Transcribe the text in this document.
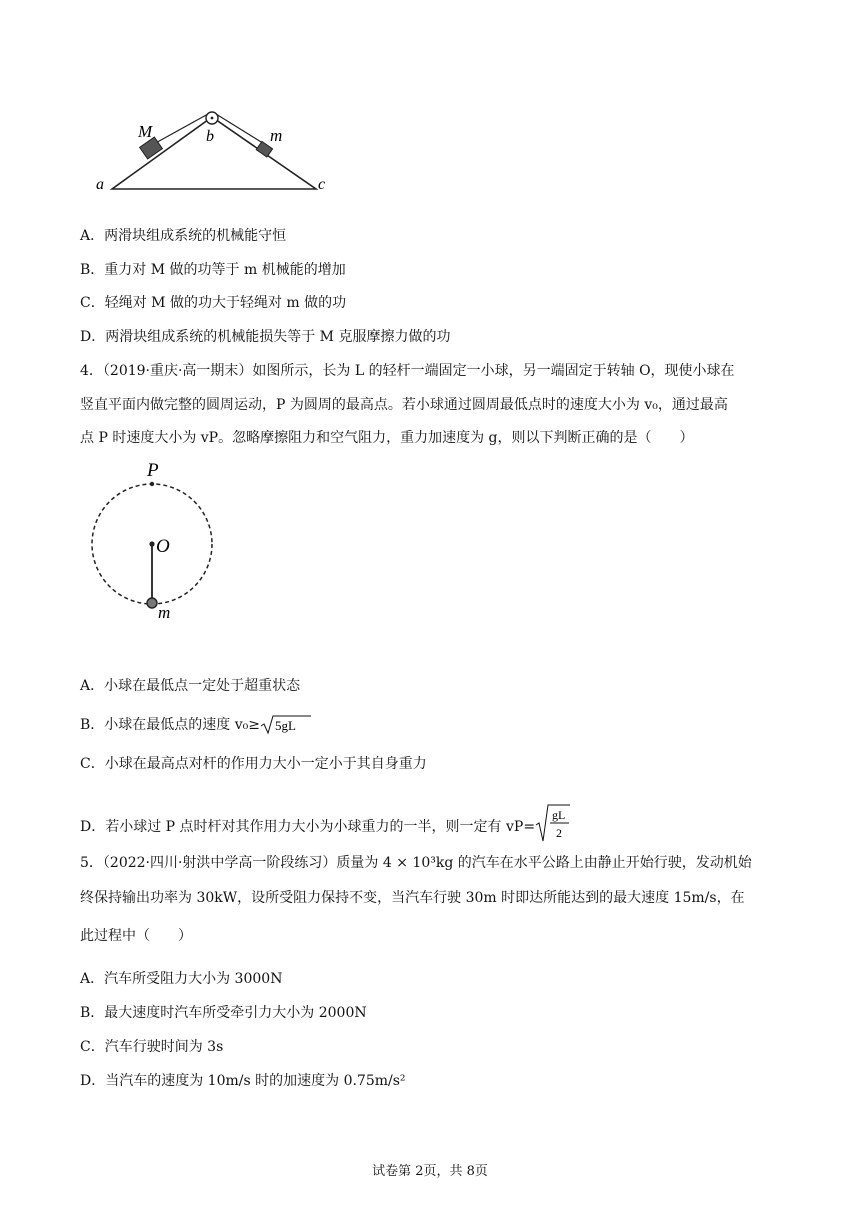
M	m
b
a	c
A．两滑块组成系统的机械能守恒
B．重力对 M 做的功等于 m 机械能的增加
C．轻绳对 M 做的功大于轻绳对 m 做的功
D．两滑块组成系统的机械能损失等于 M 克服摩擦力做的功
4．（2019·重庆·高一期末）如图所示，长为 L 的轻杆一端固定一小球，另一端固定于转轴 O，现使小球在
竖直平面内做完整的圆周运动，P 为圆周的最高点。若小球通过圆周最低点时的速度大小为 v₀，通过最高
点 P 时速度大小为 vP。忽略摩擦阻力和空气阻力，重力加速度为 g，则以下判断正确的是（　　）
P
O
m
A．小球在最低点一定处于超重状态
B．小球在最低点的速度 v₀≥ 5gL
C．小球在最高点对杆的作用力大小一定小于其自身重力
D．若小球过 P 点时杆对其作用力大小为小球重力的一半，则一定有 vP=
gL
2
5．（2022·四川·射洪中学高一阶段练习）质量为 4 × 10³kg 的汽车在水平公路上由静止开始行驶，发动机始
终保持输出功率为 30kW，设所受阻力保持不变，当汽车行驶 30m 时即达所能达到的最大速度 15m/s，在
此过程中（　　）
A．汽车所受阻力大小为 3000N
B．最大速度时汽车所受牵引力大小为 2000N
C．汽车行驶时间为 3s
D．当汽车的速度为 10m/s 时的加速度为 0.75m/s²
试卷第 2页，共 8页
